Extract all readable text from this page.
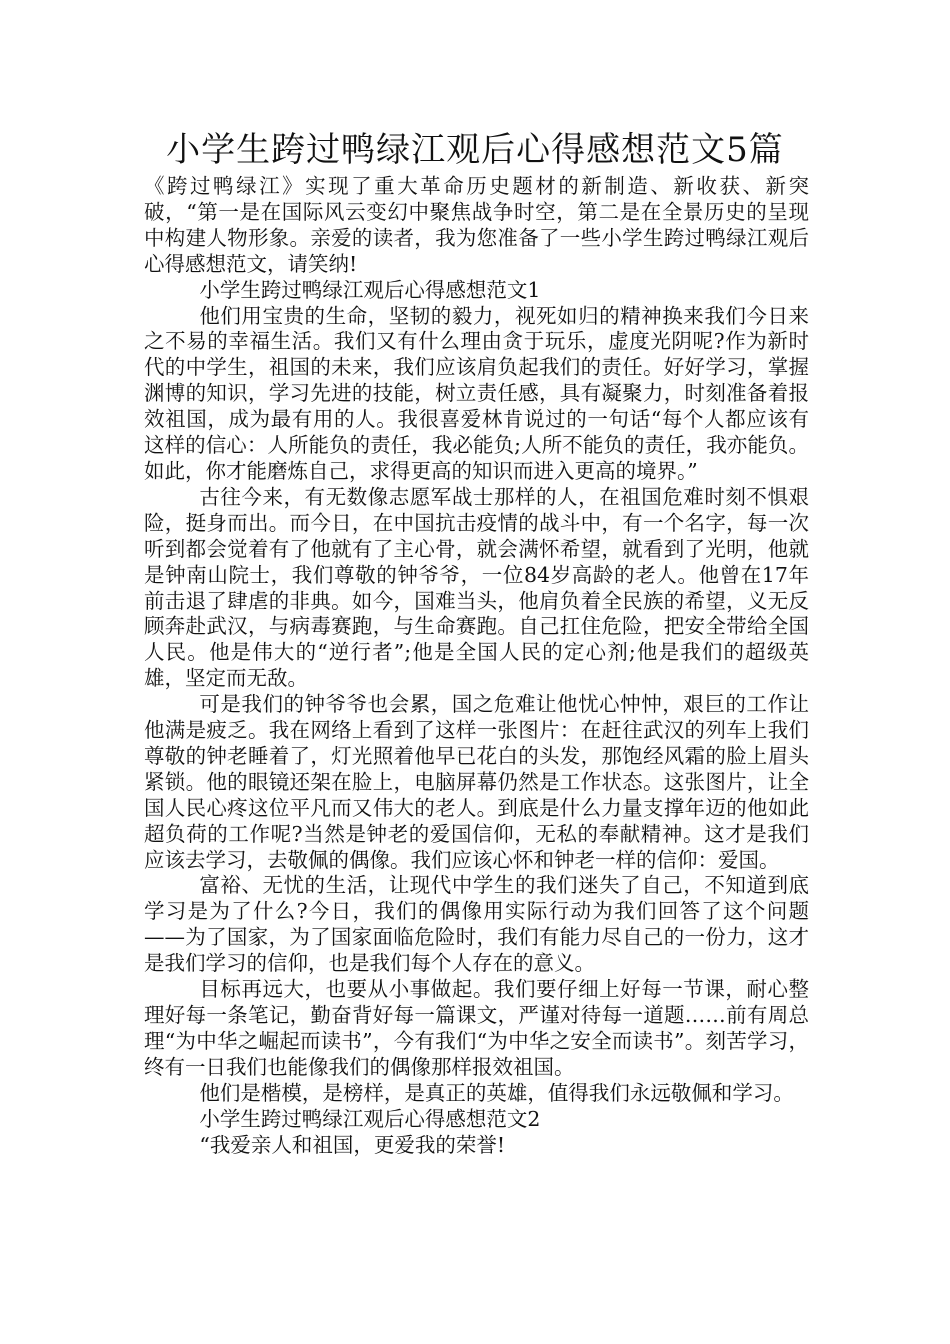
小学生跨过鸭绿江观后心得感想范文5篇

《跨过鸭绿江》实现了重大革命历史题材的新制造、新收获、新突破，“第一是在国际风云变幻中聚焦战争时空，第二是在全景历史的呈现中构建人物形象。亲爱的读者，我为您准备了一些小学生跨过鸭绿江观后心得感想范文，请笑纳!

小学生跨过鸭绿江观后心得感想范文1

他们用宝贵的生命，坚韧的毅力，视死如归的精神换来我们今日来之不易的幸福生活。我们又有什么理由贪于玩乐，虚度光阴呢?作为新时代的中学生，祖国的未来，我们应该肩负起我们的责任。好好学习，掌握渊博的知识，学习先进的技能，树立责任感，具有凝聚力，时刻准备着报效祖国，成为最有用的人。我很喜爱林肯说过的一句话“每个人都应该有这样的信心：人所能负的责任，我必能负;人所不能负的责任，我亦能负。如此，你才能磨炼自己，求得更高的知识而进入更高的境界。”

古往今来，有无数像志愿军战士那样的人，在祖国危难时刻不惧艰险，挺身而出。而今日，在中国抗击疫情的战斗中，有一个名字，每一次听到都会觉着有了他就有了主心骨，就会满怀希望，就看到了光明，他就是钟南山院士，我们尊敬的钟爷爷，一位84岁高龄的老人。他曾在17年前击退了肆虐的非典。如今，国难当头，他肩负着全民族的希望，义无反顾奔赴武汉，与病毒赛跑，与生命赛跑。自己扛住危险，把安全带给全国人民。他是伟大的“逆行者”;他是全国人民的定心剂;他是我们的超级英雄，坚定而无敌。

可是我们的钟爷爷也会累，国之危难让他忧心忡忡，艰巨的工作让他满是疲乏。我在网络上看到了这样一张图片：在赶往武汉的列车上我们尊敬的钟老睡着了，灯光照着他早已花白的头发，那饱经风霜的脸上眉头紧锁。他的眼镜还架在脸上，电脑屏幕仍然是工作状态。这张图片，让全国人民心疼这位平凡而又伟大的老人。到底是什么力量支撑年迈的他如此超负荷的工作呢?当然是钟老的爱国信仰，无私的奉献精神。这才是我们应该去学习，去敬佩的偶像。我们应该心怀和钟老一样的信仰：爱国。

富裕、无忧的生活，让现代中学生的我们迷失了自己，不知道到底学习是为了什么?今日，我们的偶像用实际行动为我们回答了这个问题——为了国家，为了国家面临危险时，我们有能力尽自己的一份力，这才是我们学习的信仰，也是我们每个人存在的意义。

目标再远大，也要从小事做起。我们要仔细上好每一节课，耐心整理好每一条笔记，勤奋背好每一篇课文，严谨对待每一道题……前有周总理“为中华之崛起而读书”，今有我们“为中华之安全而读书”。刻苦学习，终有一日我们也能像我们的偶像那样报效祖国。

他们是楷模，是榜样，是真正的英雄，值得我们永远敬佩和学习。

小学生跨过鸭绿江观后心得感想范文2

“我爱亲人和祖国，更爱我的荣誉!
